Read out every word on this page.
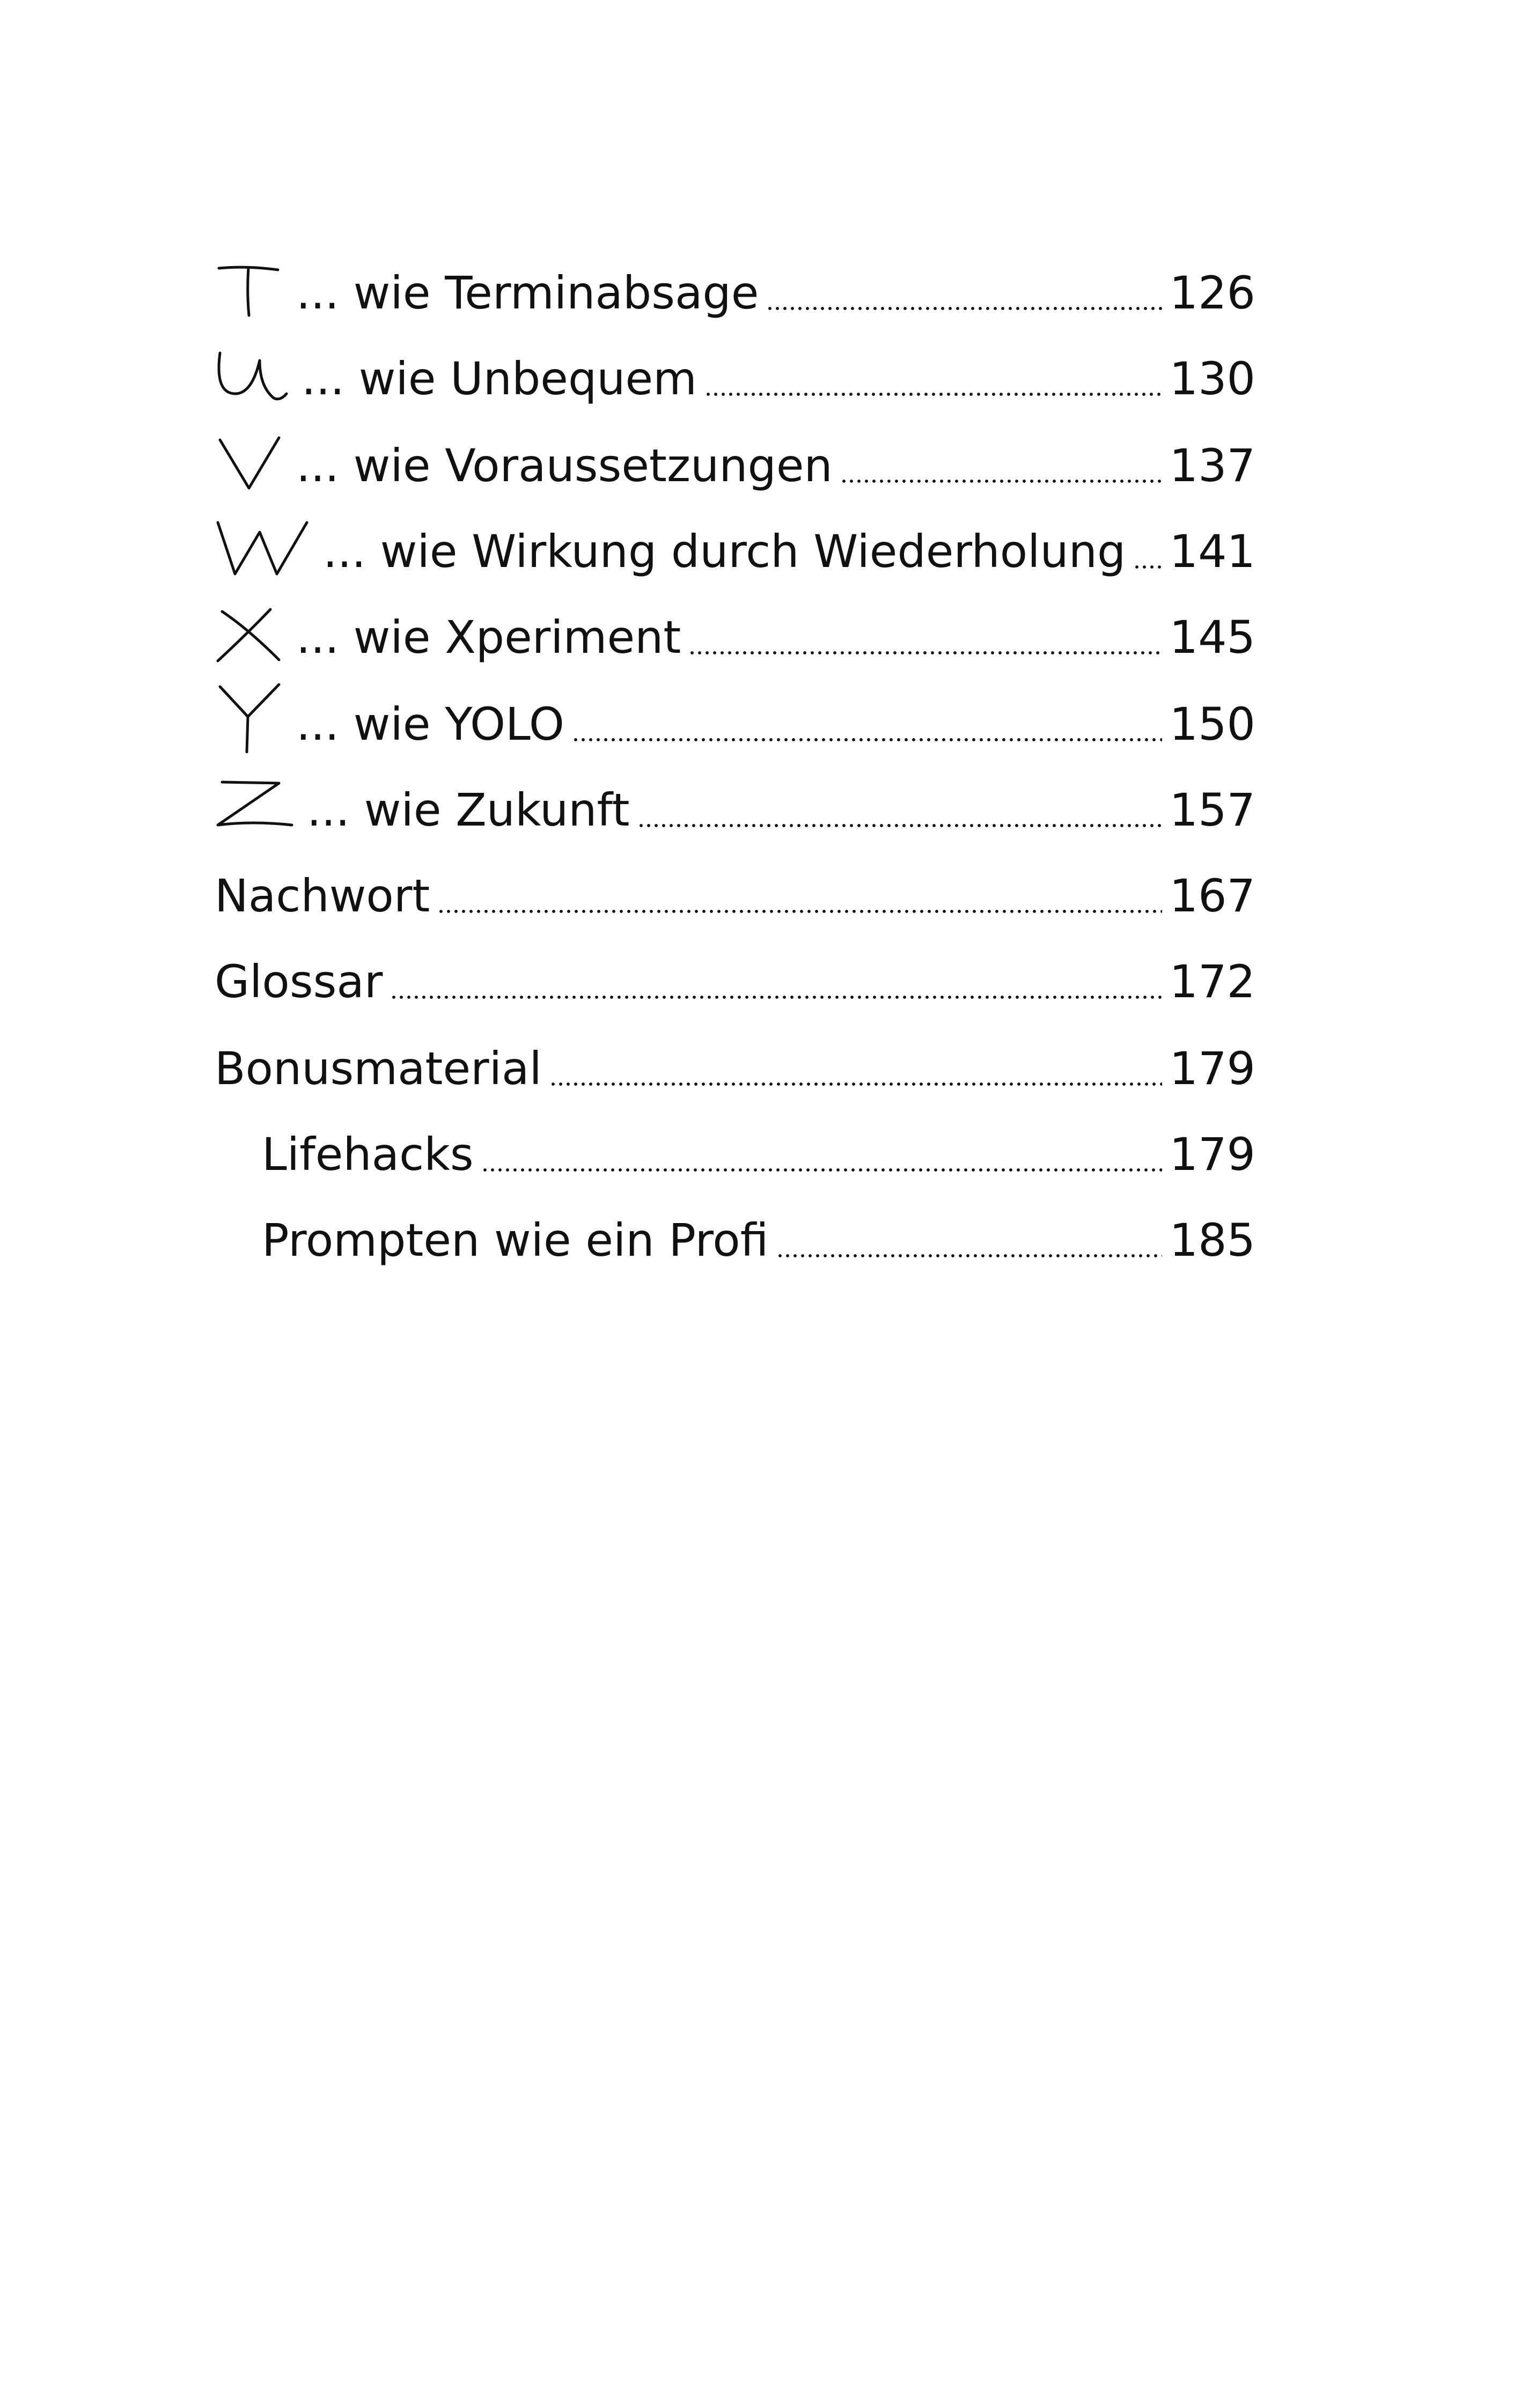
... wie Terminabsage	126
... wie Unbequem	130
... wie Voraussetzungen	137
... wie Wirkung durch Wiederholung 141
... wie Xperiment	145
... wie YOLO	150
... wie Zukunft	157
Nachwort	167
Glossar	172
Bonusmaterial	179
Lifehacks	179
Prompten wie ein Profi	185
